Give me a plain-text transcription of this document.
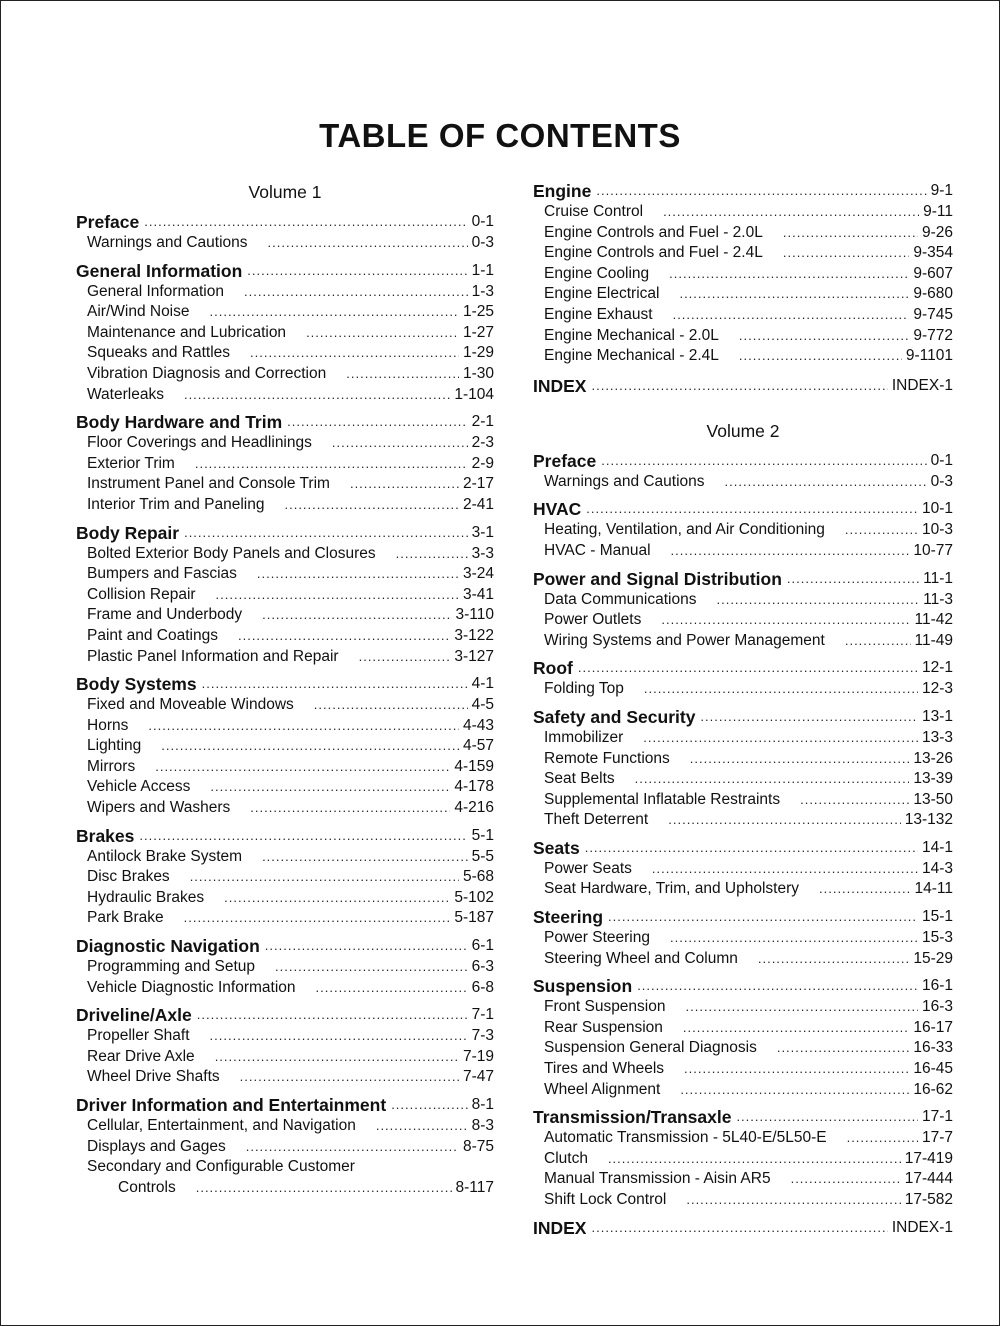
TABLE OF CONTENTS
Volume 1
Preface .....	0-1
Warnings and Cautions .....	0-3
General Information .....	1-1
General Information .....	1-3
Air/Wind Noise .....	1-25
Maintenance and Lubrication .....	1-27
Squeaks and Rattles .....	1-29
Vibration Diagnosis and Correction .....	1-30
Waterleaks .....	1-104
Body Hardware and Trim .....	2-1
Floor Coverings and Headlinings .....	2-3
Exterior Trim .....	2-9
Instrument Panel and Console Trim .....	2-17
Interior Trim and Paneling .....	2-41
Body Repair .....	3-1
Bolted Exterior Body Panels and Closures .....	3-3
Bumpers and Fascias .....	3-24
Collision Repair .....	3-41
Frame and Underbody .....	3-110
Paint and Coatings .....	3-122
Plastic Panel Information and Repair .....	3-127
Body Systems .....	4-1
Fixed and Moveable Windows .....	4-5
Horns .....	4-43
Lighting .....	4-57
Mirrors .....	4-159
Vehicle Access .....	4-178
Wipers and Washers .....	4-216
Brakes .....	5-1
Antilock Brake System .....	5-5
Disc Brakes .....	5-68
Hydraulic Brakes .....	5-102
Park Brake .....	5-187
Diagnostic Navigation .....	6-1
Programming and Setup .....	6-3
Vehicle Diagnostic Information .....	6-8
Driveline/Axle .....	7-1
Propeller Shaft .....	7-3
Rear Drive Axle .....	7-19
Wheel Drive Shafts .....	7-47
Driver Information and Entertainment .....	8-1
Cellular, Entertainment, and Navigation .....	8-3
Displays and Gages .....	8-75
Secondary and Configurable Customer
Controls .....	8-117
Engine .....	9-1
Cruise Control .....	9-11
Engine Controls and Fuel - 2.0L .....	9-26
Engine Controls and Fuel - 2.4L .....	9-354
Engine Cooling .....	9-607
Engine Electrical .....	9-680
Engine Exhaust .....	9-745
Engine Mechanical - 2.0L .....	9-772
Engine Mechanical - 2.4L .....	9-1101
INDEX .....	INDEX-1
Volume 2
Preface .....	0-1
Warnings and Cautions .....	0-3
HVAC .....	10-1
Heating, Ventilation, and Air Conditioning .....	10-3
HVAC - Manual .....	10-77
Power and Signal Distribution .....	11-1
Data Communications .....	11-3
Power Outlets .....	11-42
Wiring Systems and Power Management .....	11-49
Roof .....	12-1
Folding Top .....	12-3
Safety and Security .....	13-1
Immobilizer .....	13-3
Remote Functions .....	13-26
Seat Belts .....	13-39
Supplemental Inflatable Restraints .....	13-50
Theft Deterrent .....	13-132
Seats .....	14-1
Power Seats .....	14-3
Seat Hardware, Trim, and Upholstery .....	14-11
Steering .....	15-1
Power Steering .....	15-3
Steering Wheel and Column .....	15-29
Suspension .....	16-1
Front Suspension .....	16-3
Rear Suspension .....	16-17
Suspension General Diagnosis .....	16-33
Tires and Wheels .....	16-45
Wheel Alignment .....	16-62
Transmission/Transaxle .....	17-1
Automatic Transmission - 5L40-E/5L50-E .....	17-7
Clutch .....	17-419
Manual Transmission - Aisin AR5 .....	17-444
Shift Lock Control .....	17-582
INDEX .....	INDEX-1
